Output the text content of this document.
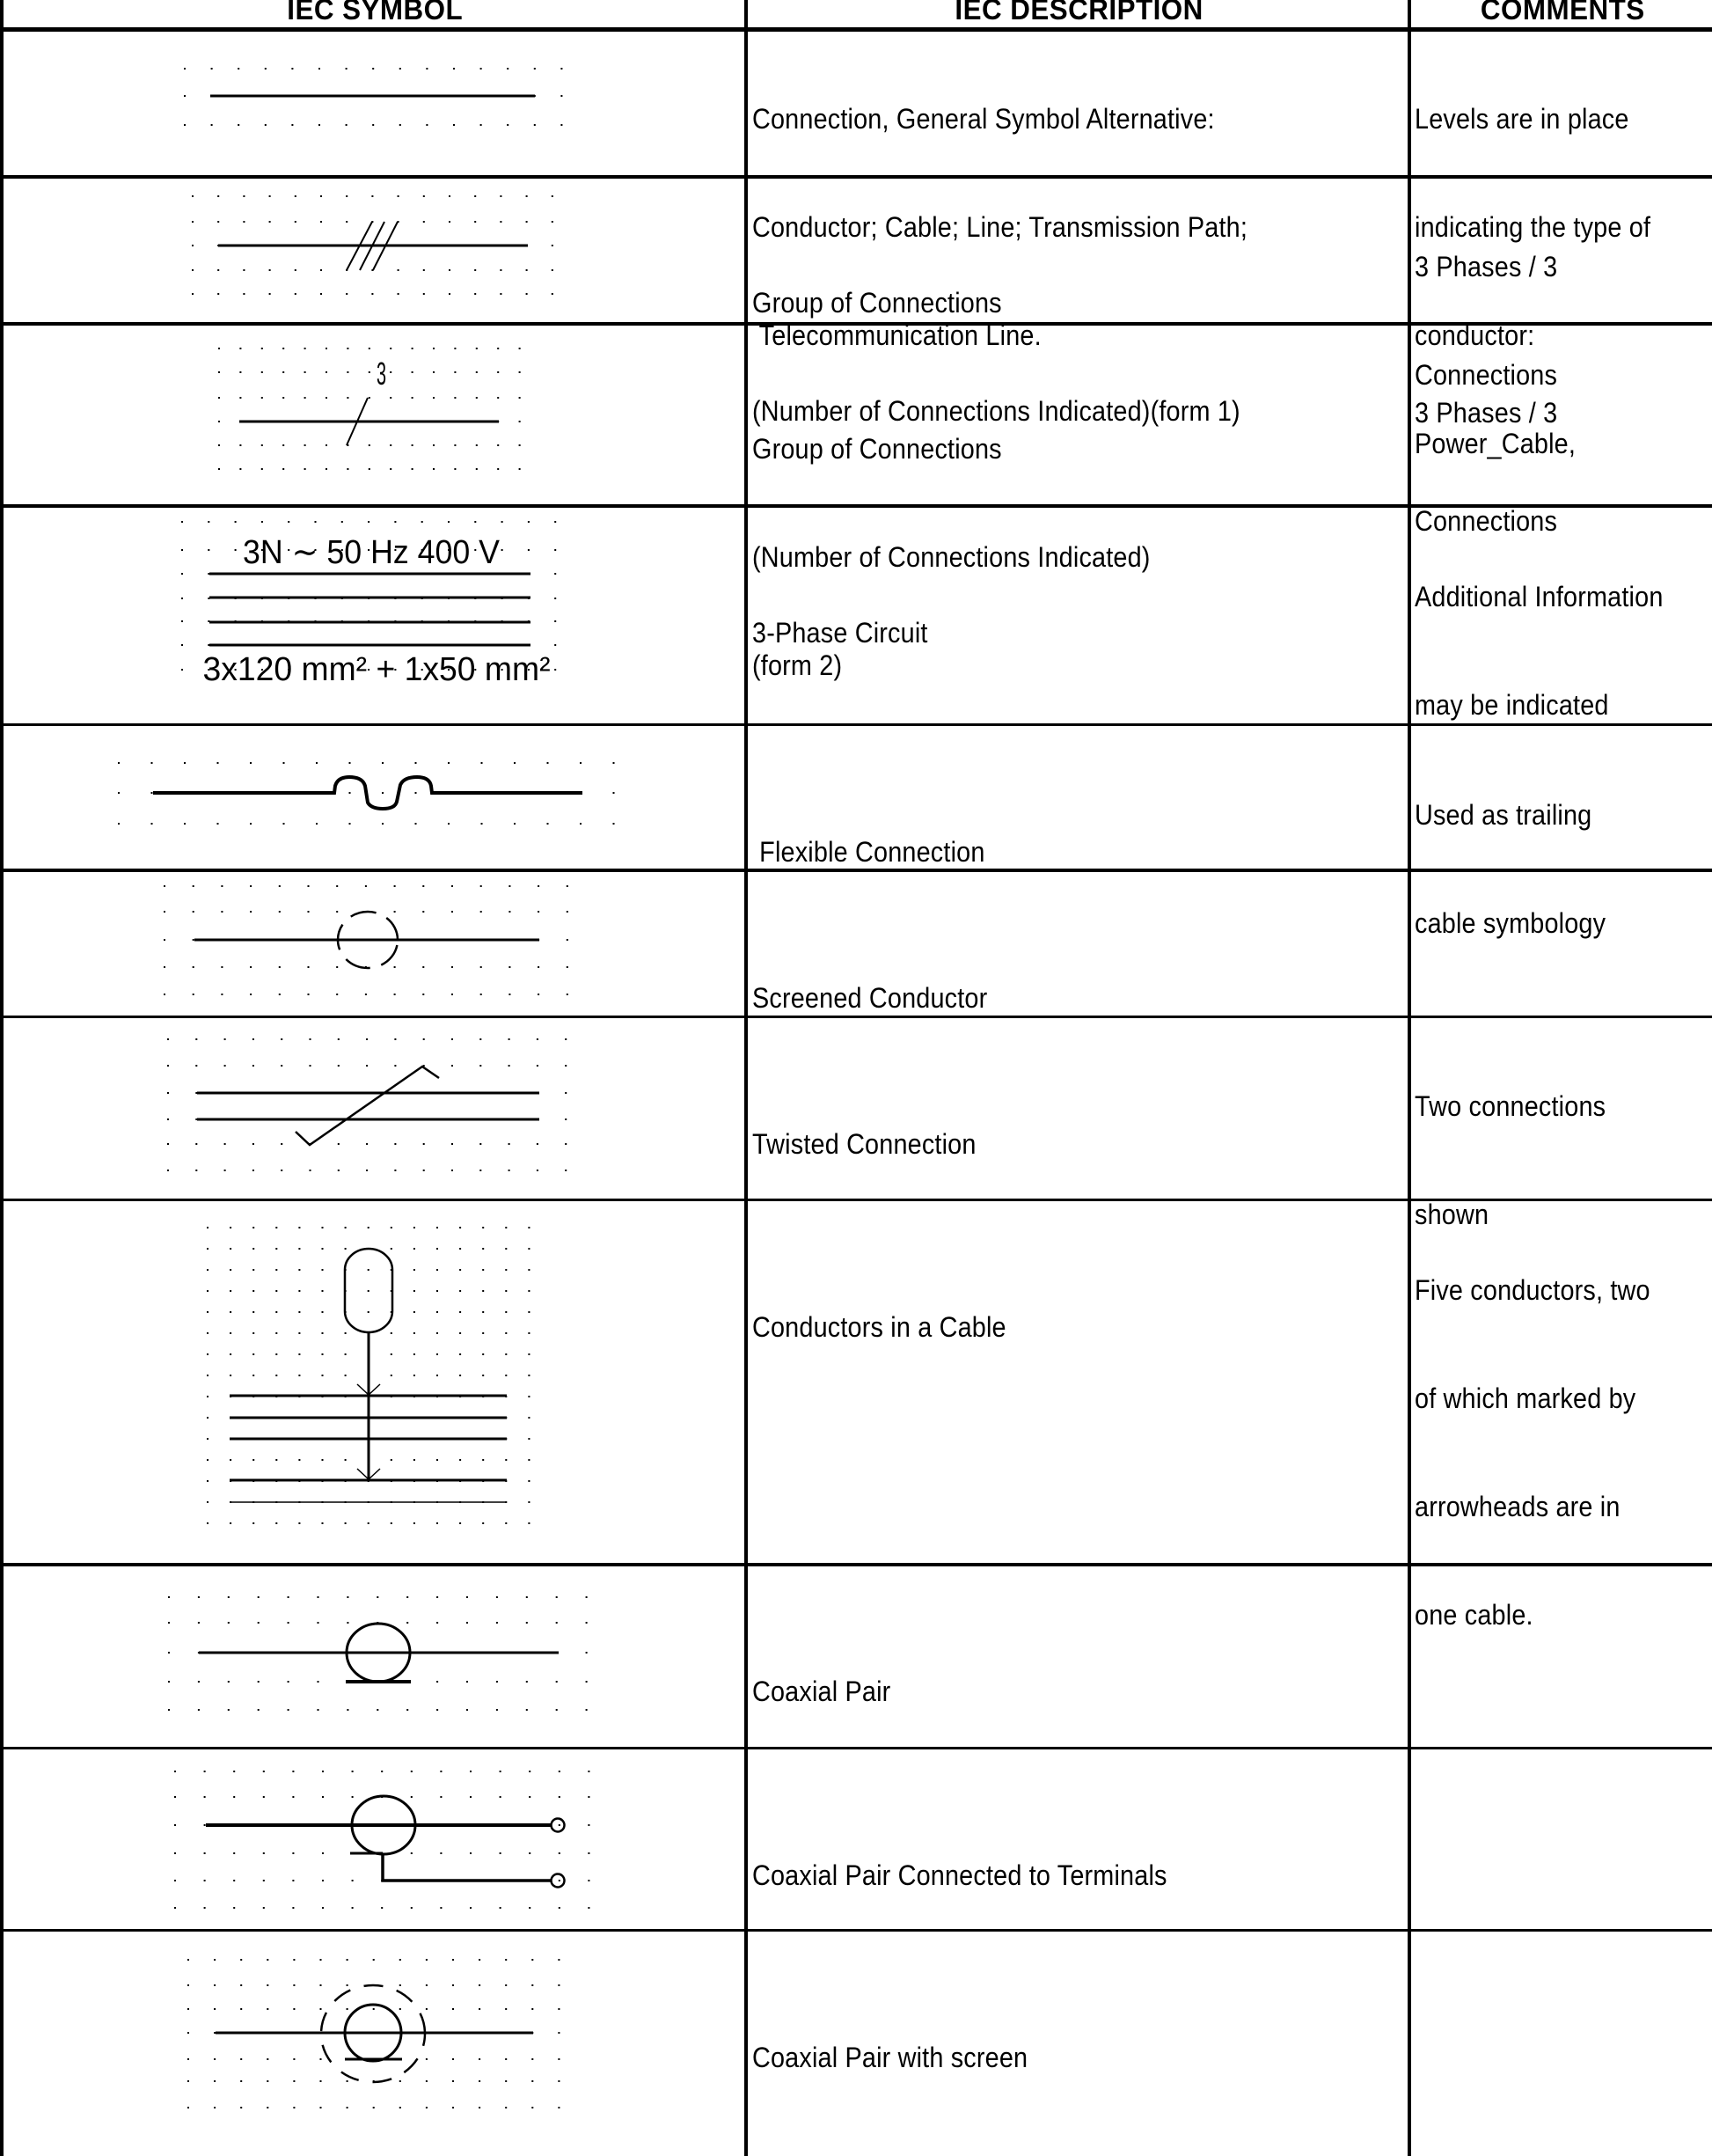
IEC SYMBOL	IEC DESCRIPTION	COMMENTS

Connection, General Symbol Alternative:

Conductor; Cable; Line; Transmission Path;

Telecommunication Line.

Group of Connections

(Number of Connections Indicated)(form 1)

Group of Connections

(Number of Connections Indicated)

(form 2)

3-Phase Circuit

Flexible Connection

Screened Conductor

Twisted Connection

Conductors in a Cable

Coaxial Pair

Coaxial Pair Connected to Terminals

Coaxial Pair with screen

Levels are in place

indicating the type of

conductor:

Power_Cable,

3 Phases / 3

Connections

3 Phases / 3

Connections

Additional Information

may be indicated

Used as trailing

cable symbology

Two connections

shown

Five conductors, two

of which marked by

arrowheads are in

one cable.

3
3N ∼ 50 Hz 400 V
3x120 mm² + 1x50 mm²
